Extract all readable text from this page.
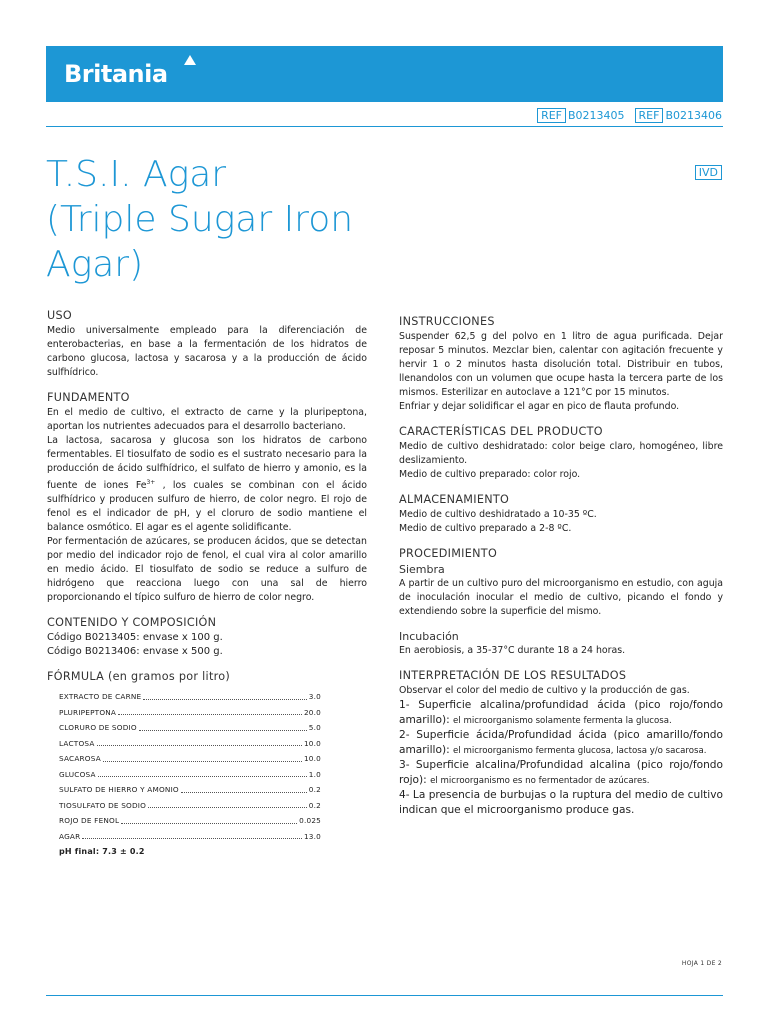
Britania
REF B0213405	REF B0213406
T.S.I. Agar
(Triple Sugar Iron
Agar)
IVD
USO

Medio universalmente empleado para la diferenciación de enterobacterias, en base a la fermentación de los hidratos de carbono glucosa, lactosa y sacarosa y a la producción de ácido sulfhídrico.

FUNDAMENTO

En el medio de cultivo, el extracto de carne y la pluripeptona, aportan los nutrientes adecuados para el desarrollo bacteriano.

La lactosa, sacarosa y glucosa son los hidratos de carbono fermentables. El tiosulfato de sodio es el sustrato necesario para la producción de ácido sulfhídrico, el sulfato de hierro y amonio, es la fuente de iones $Fe^{3+}$ , los cuales se combinan con el ácido sulfhídrico y producen sulfuro de hierro, de color negro. El rojo de fenol es el indicador de pH, y el cloruro de sodio mantiene el balance osmótico. El agar es el agente solidificante.

Por fermentación de azúcares, se producen ácidos, que se detectan por medio del indicador rojo de fenol, el cual vira al color amarillo en medio ácido. El tiosulfato de sodio se reduce a sulfuro de hidrógeno que reacciona luego con una sal de hierro proporcionando el típico sulfuro de hierro de color negro.

CONTENIDO Y COMPOSICIÓN

Código B0213405: envase x 100 g.

Código B0213406: envase x 500 g.

FÓRMULA (en gramos por litro)
EXTRACTO DE CARNE	3.0
PLURIPEPTONA	20.0
CLORURO DE SODIO	5.0
LACTOSA	10.0
SACAROSA	10.0
GLUCOSA	1.0
SULFATO DE HIERRO Y AMONIO	0.2
TIOSULFATO DE SODIO	0.2
ROJO DE FENOL	0.025
AGAR	13.0
pH final: 7.3 ± 0.2
INSTRUCCIONES

Suspender 62,5 g del polvo en 1 litro de agua purificada. Dejar reposar 5 minutos. Mezclar bien, calentar con agitación frecuente y hervir 1 o 2 minutos hasta disolución total. Distribuir en tubos, llenandolos con un volumen que ocupe hasta la tercera parte de los mismos. Esterilizar en autoclave a 121°C por 15 minutos.

Enfriar y dejar solidificar el agar en pico de flauta profundo.

CARACTERÍSTICAS DEL PRODUCTO

Medio de cultivo deshidratado: color beige claro, homogéneo, libre deslizamiento.

Medio de cultivo preparado: color rojo.

ALMACENAMIENTO

Medio de cultivo deshidratado a 10-35 ºC.

Medio de cultivo preparado a 2-8 ºC.

PROCEDIMIENTO
Siembra

A partir de un cultivo puro del microorganismo en estudio, con aguja de inoculación inocular el medio de cultivo, picando el fondo y extendiendo sobre la superficie del mismo.

Incubación

En aerobiosis, a 35-37°C durante 18 a 24 horas.

INTERPRETACIÓN DE LOS RESULTADOS

Observar el color del medio de cultivo y la producción de gas.

1- Superficie alcalina/profundidad ácida (pico rojo/fondo amarillo): el microorganismo solamente fermenta la glucosa.

2- Superficie ácida/Profundidad ácida (pico amarillo/fondo amarillo): el microorganismo fermenta glucosa, lactosa y/o sacarosa.

3- Superficie alcalina/Profundidad alcalina (pico rojo/fondo rojo): el microorganismo es no fermentador de azúcares.

4- La presencia de burbujas o la ruptura del medio de cultivo indican que el microorganismo produce gas.

HOJA 1 DE 2
